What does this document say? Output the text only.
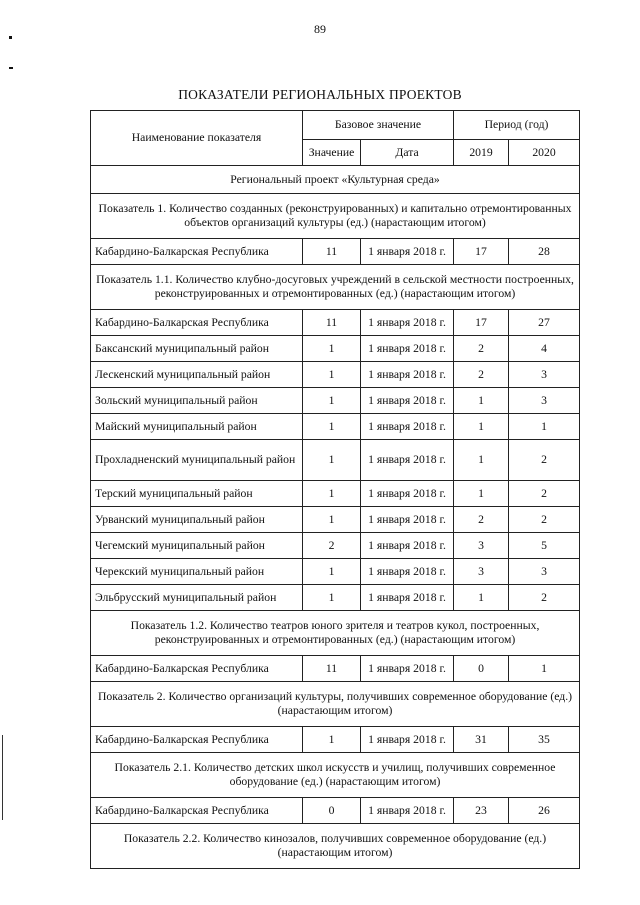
89
ПОКАЗАТЕЛИ РЕГИОНАЛЬНЫХ ПРОЕКТОВ
Наименование показателя	Базовое значение		Период (год)	
	Значение	Дата	2019	2020
Региональный проект «Культурная среда»				
Показатель 1. Количество созданных (реконструированных) и капитально отремонтированных объектов организаций культуры (ед.) (нарастающим итогом)				
Кабардино-Балкарская Республика	11	1 января 2018 г.	17	28
Показатель 1.1. Количество клубно-досуговых учреждений в сельской местности построенных, реконструированных и отремонтированных (ед.) (нарастающим итогом)				
Кабардино-Балкарская Республика	11	1 января 2018 г.	17	27
Баксанский муниципальный район	1	1 января 2018 г.	2	4
Лескенский муниципальный район	1	1 января 2018 г.	2	3
Зольский муниципальный район	1	1 января 2018 г.	1	3
Майский муниципальный район	1	1 января 2018 г.	1	1
Прохладненский муниципальный район	1	1 января 2018 г.	1	2
Терский муниципальный район	1	1 января 2018 г.	1	2
Урванский муниципальный район	1	1 января 2018 г.	2	2
Чегемский муниципальный район	2	1 января 2018 г.	3	5
Черекский муниципальный район	1	1 января 2018 г.	3	3
Эльбрусский муниципальный район	1	1 января 2018 г.	1	2
Показатель 1.2. Количество театров юного зрителя и театров кукол, построенных, реконструированных и отремонтированных (ед.) (нарастающим итогом)				
Кабардино-Балкарская Республика	11	1 января 2018 г.	0	1
Показатель 2. Количество организаций культуры, получивших современное оборудование (ед.) (нарастающим итогом)				
Кабардино-Балкарская Республика	1	1 января 2018 г.	31	35
Показатель 2.1. Количество детских школ искусств и училищ, получивших современное оборудование (ед.) (нарастающим итогом)				
Кабардино-Балкарская Республика	0	1 января 2018 г.	23	26
Показатель 2.2. Количество кинозалов, получивших современное оборудование (ед.) (нарастающим итогом)				
